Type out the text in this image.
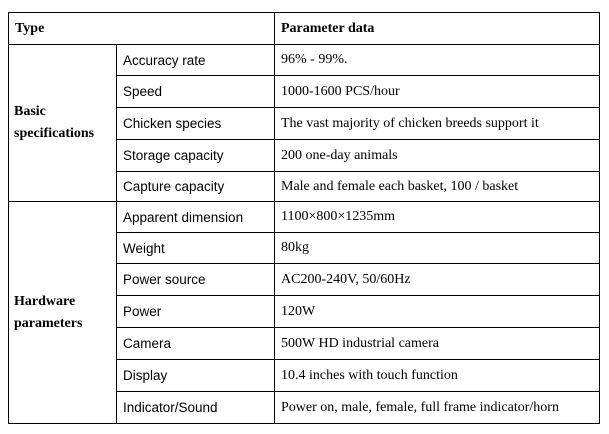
Type		Parameter data
Basic
specifications	Accuracy rate	96% - 99%.
	Speed	1000-1600 PCS/hour
	Chicken species	The vast majority of chicken breeds support it
	Storage capacity	200 one-day animals
	Capture capacity	Male and female each basket, 100 / basket
Hardware
parameters	Apparent dimension	1100×800×1235mm
	Weight	80kg
	Power source	AC200-240V, 50/60Hz
	Power	120W
	Camera	500W HD industrial camera
	Display	10.4 inches with touch function
	Indicator/Sound	Power on, male, female, full frame indicator/horn
